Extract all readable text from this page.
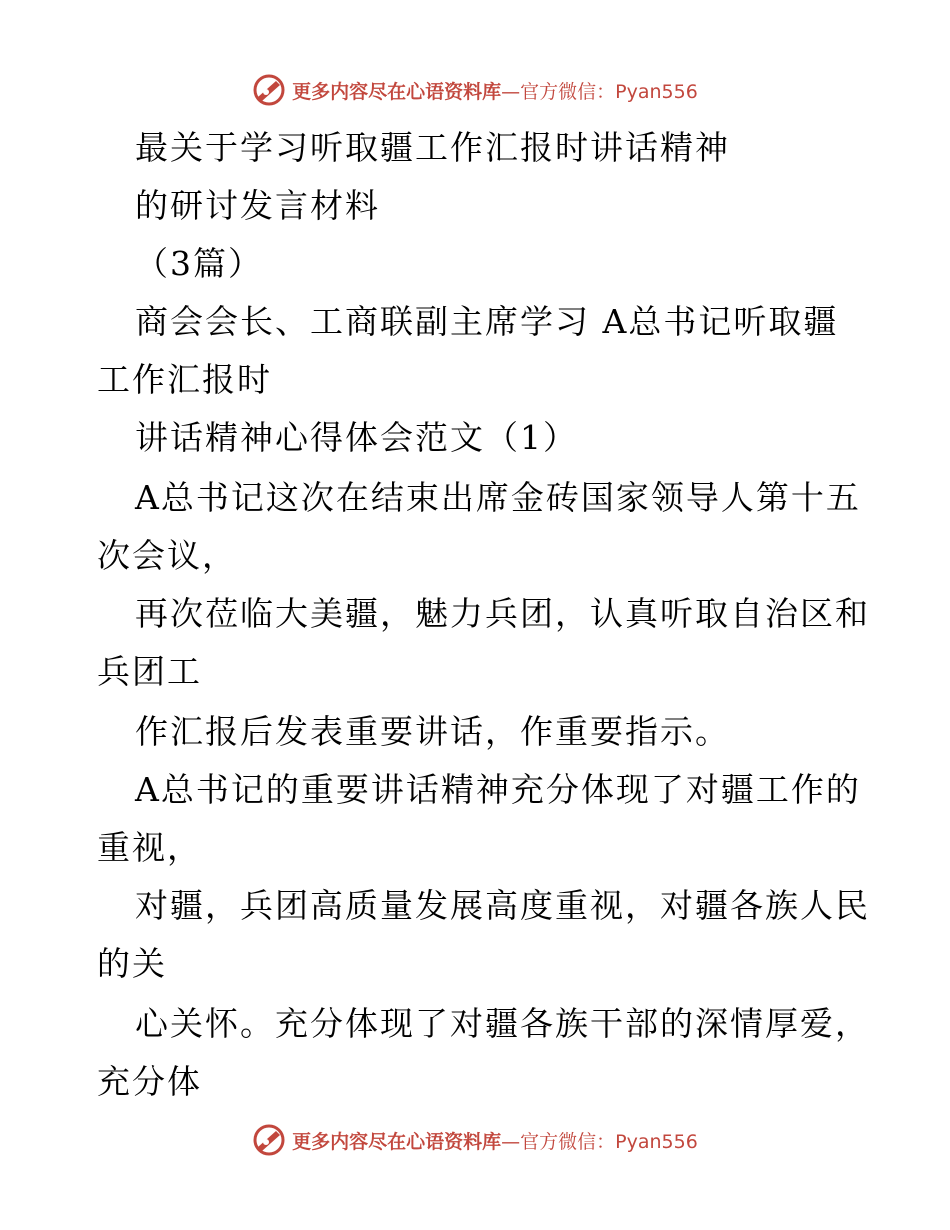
更多内容尽在心语资料库—官方微信：Pyan556
最关于学习听取疆工作汇报时讲话精神
的研讨发言材料
（3篇）
商会会长、工商联副主席学习 A总书记听取疆
工作汇报时
讲话精神心得体会范文（1）
A总书记这次在结束出席金砖国家领导人第十五
次会议，
再次莅临大美疆，魅力兵团，认真听取自治区和
兵团工
作汇报后发表重要讲话，作重要指示。
A总书记的重要讲话精神充分体现了对疆工作的
重视，
对疆，兵团高质量发展高度重视，对疆各族人民
的关
心关怀。充分体现了对疆各族干部的深情厚爱，
充分体
更多内容尽在心语资料库—官方微信：Pyan556
